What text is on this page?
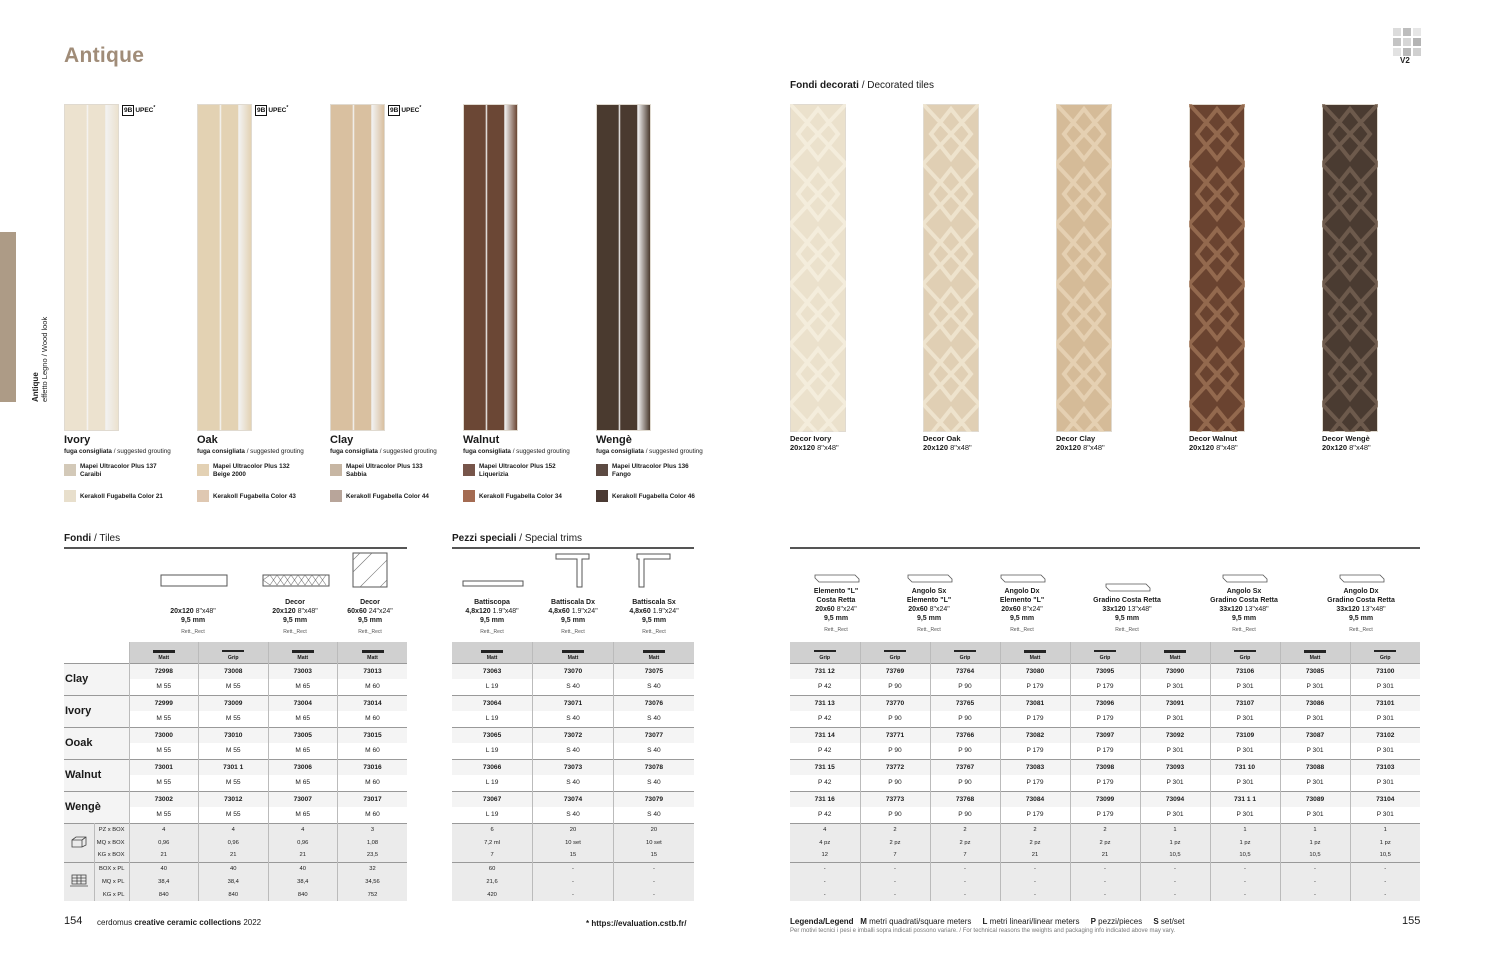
Antique
effetto Legno / Wood look
Antique	V2
Fondi decorati / Decorated tiles
9B UPEC*
Ivory
fuga consigliata / suggested grouting
Mapei Ultracolor Plus 137
Caraibi
Kerakoll Fugabella Color 21
9B UPEC*
Oak
fuga consigliata / suggested grouting
Mapei Ultracolor Plus 132
Beige 2000
Kerakoll Fugabella Color 43
9B UPEC*
Clay
fuga consigliata / suggested grouting
Mapei Ultracolor Plus 133
Sabbia
Kerakoll Fugabella Color 44
Walnut
fuga consigliata / suggested grouting
Mapei Ultracolor Plus 152
Liquerizia
Kerakoll Fugabella Color 34
Wengè
fuga consigliata / suggested grouting
Mapei Ultracolor Plus 136
Fango
Kerakoll Fugabella Color 46
Decor Ivory
20x120 8"x48"
Decor Oak
20x120 8"x48"
Decor Clay
20x120 8"x48"
Decor Walnut
20x120 8"x48"
Decor Wengè
20x120 8"x48"
Fondi / Tiles	Pezzi speciali / Special trims

20x120 8"x48"
9,5 mm
Rett._Rect
Decor
20x120 8"x48"
9,5 mm
Rett._Rect
Decor
60x60 24"x24"
9,5 mm
Rett._Rect
Battiscopa
4,8x120 1.9"x48"
9,5 mm
Rett._Rect
Battiscala Dx
4,8x60 1.9"x24"
9,5 mm
Rett._Rect
Battiscala Sx
4,8x60 1.9"x24"
9,5 mm
Rett._Rect
Elemento "L"
Costa Retta
20x60 8"x24"
9,5 mm
Rett._Rect
Angolo Sx
Elemento "L"
20x60 8"x24"
9,5 mm
Rett._Rect
Angolo Dx
Elemento "L"
20x60 8"x24"
9,5 mm
Rett._Rect
Gradino Costa Retta
33x120 13"x48"
9,5 mm
Rett._Rect
Angolo Sx
Gradino Costa Retta
33x120 13"x48"
9,5 mm
Rett._Rect
Angolo Dx
Gradino Costa Retta
33x120 13"x48"
9,5 mm
Rett._Rect

Matt	Grip	Matt	Matt
Clay		72998	73008	73003	73013
		M 55	M 55	M 65	M 60
Ivory		72999	73009	73004	73014
		M 55	M 55	M 65	M 60
Ooak		73000	73010	73005	73015
		M 55	M 55	M 65	M 60
Walnut		73001	7301 1	73006	73016
		M 55	M 55	M 65	M 60
Wengè		73002	73012	73007	73017
		M 55	M 55	M 65	M 60
	PZ x BOX	4	4	4	3
	MQ x BOX	0,96	0,96	0,96	1,08
	KG x BOX	21	21	21	23,5
	BOX x PL	40	40	40	32
	MQ x PL	38,4	38,4	38,4	34,56
	KG x PL	840	840	840	752
Matt	Matt	Matt
73063	73070	73075
L 19	S 40	S 40
73064	73071	73076
L 19	S 40	S 40
73065	73072	73077
L 19	S 40	S 40
73066	73073	73078
L 19	S 40	S 40
73067	73074	73079
L 19	S 40	S 40
6	20	20
7,2 ml	10 set	10 set
7	15	15
60	-	-
21,6	-	-
420	-	-
Grip	Grip	Grip	Matt	Grip	Matt	Grip	Matt	Grip
731 12	73769	73764	73080	73095	73090	73106	73085	73100
P 42	P 90	P 90	P 179	P 179	P 301	P 301	P 301	P 301
731 13	73770	73765	73081	73096	73091	73107	73086	73101
P 42	P 90	P 90	P 179	P 179	P 301	P 301	P 301	P 301
731 14	73771	73766	73082	73097	73092	73109	73087	73102
P 42	P 90	P 90	P 179	P 179	P 301	P 301	P 301	P 301
731 15	73772	73767	73083	73098	73093	731 10	73088	73103
P 42	P 90	P 90	P 179	P 179	P 301	P 301	P 301	P 301
731 16	73773	73768	73084	73099	73094	731 1 1	73089	73104
P 42	P 90	P 90	P 179	P 179	P 301	P 301	P 301	P 301
4	2	2	2	2	1	1	1	1
4 pz	2 pz	2 pz	2 pz	2 pz	1 pz	1 pz	1 pz	1 pz
12	7	7	21	21	10,5	10,5	10,5	10,5
-	-	-	-	-	-	-	-	-
-	-	-	-	-	-	-	-	-
-	-	-	-	-	-	-	-	-
154 cerdomus creative ceramic collections 2022	* https://evaluation.cstb.fr/	Legenda/Legend M metri quadrati/square meters L metri lineari/linear meters P pezzi/pieces S set/set
Per motivi tecnici i pesi e imballi sopra indicati possono variare. / For technical reasons the weights and packaging info indicated above may vary.
155
